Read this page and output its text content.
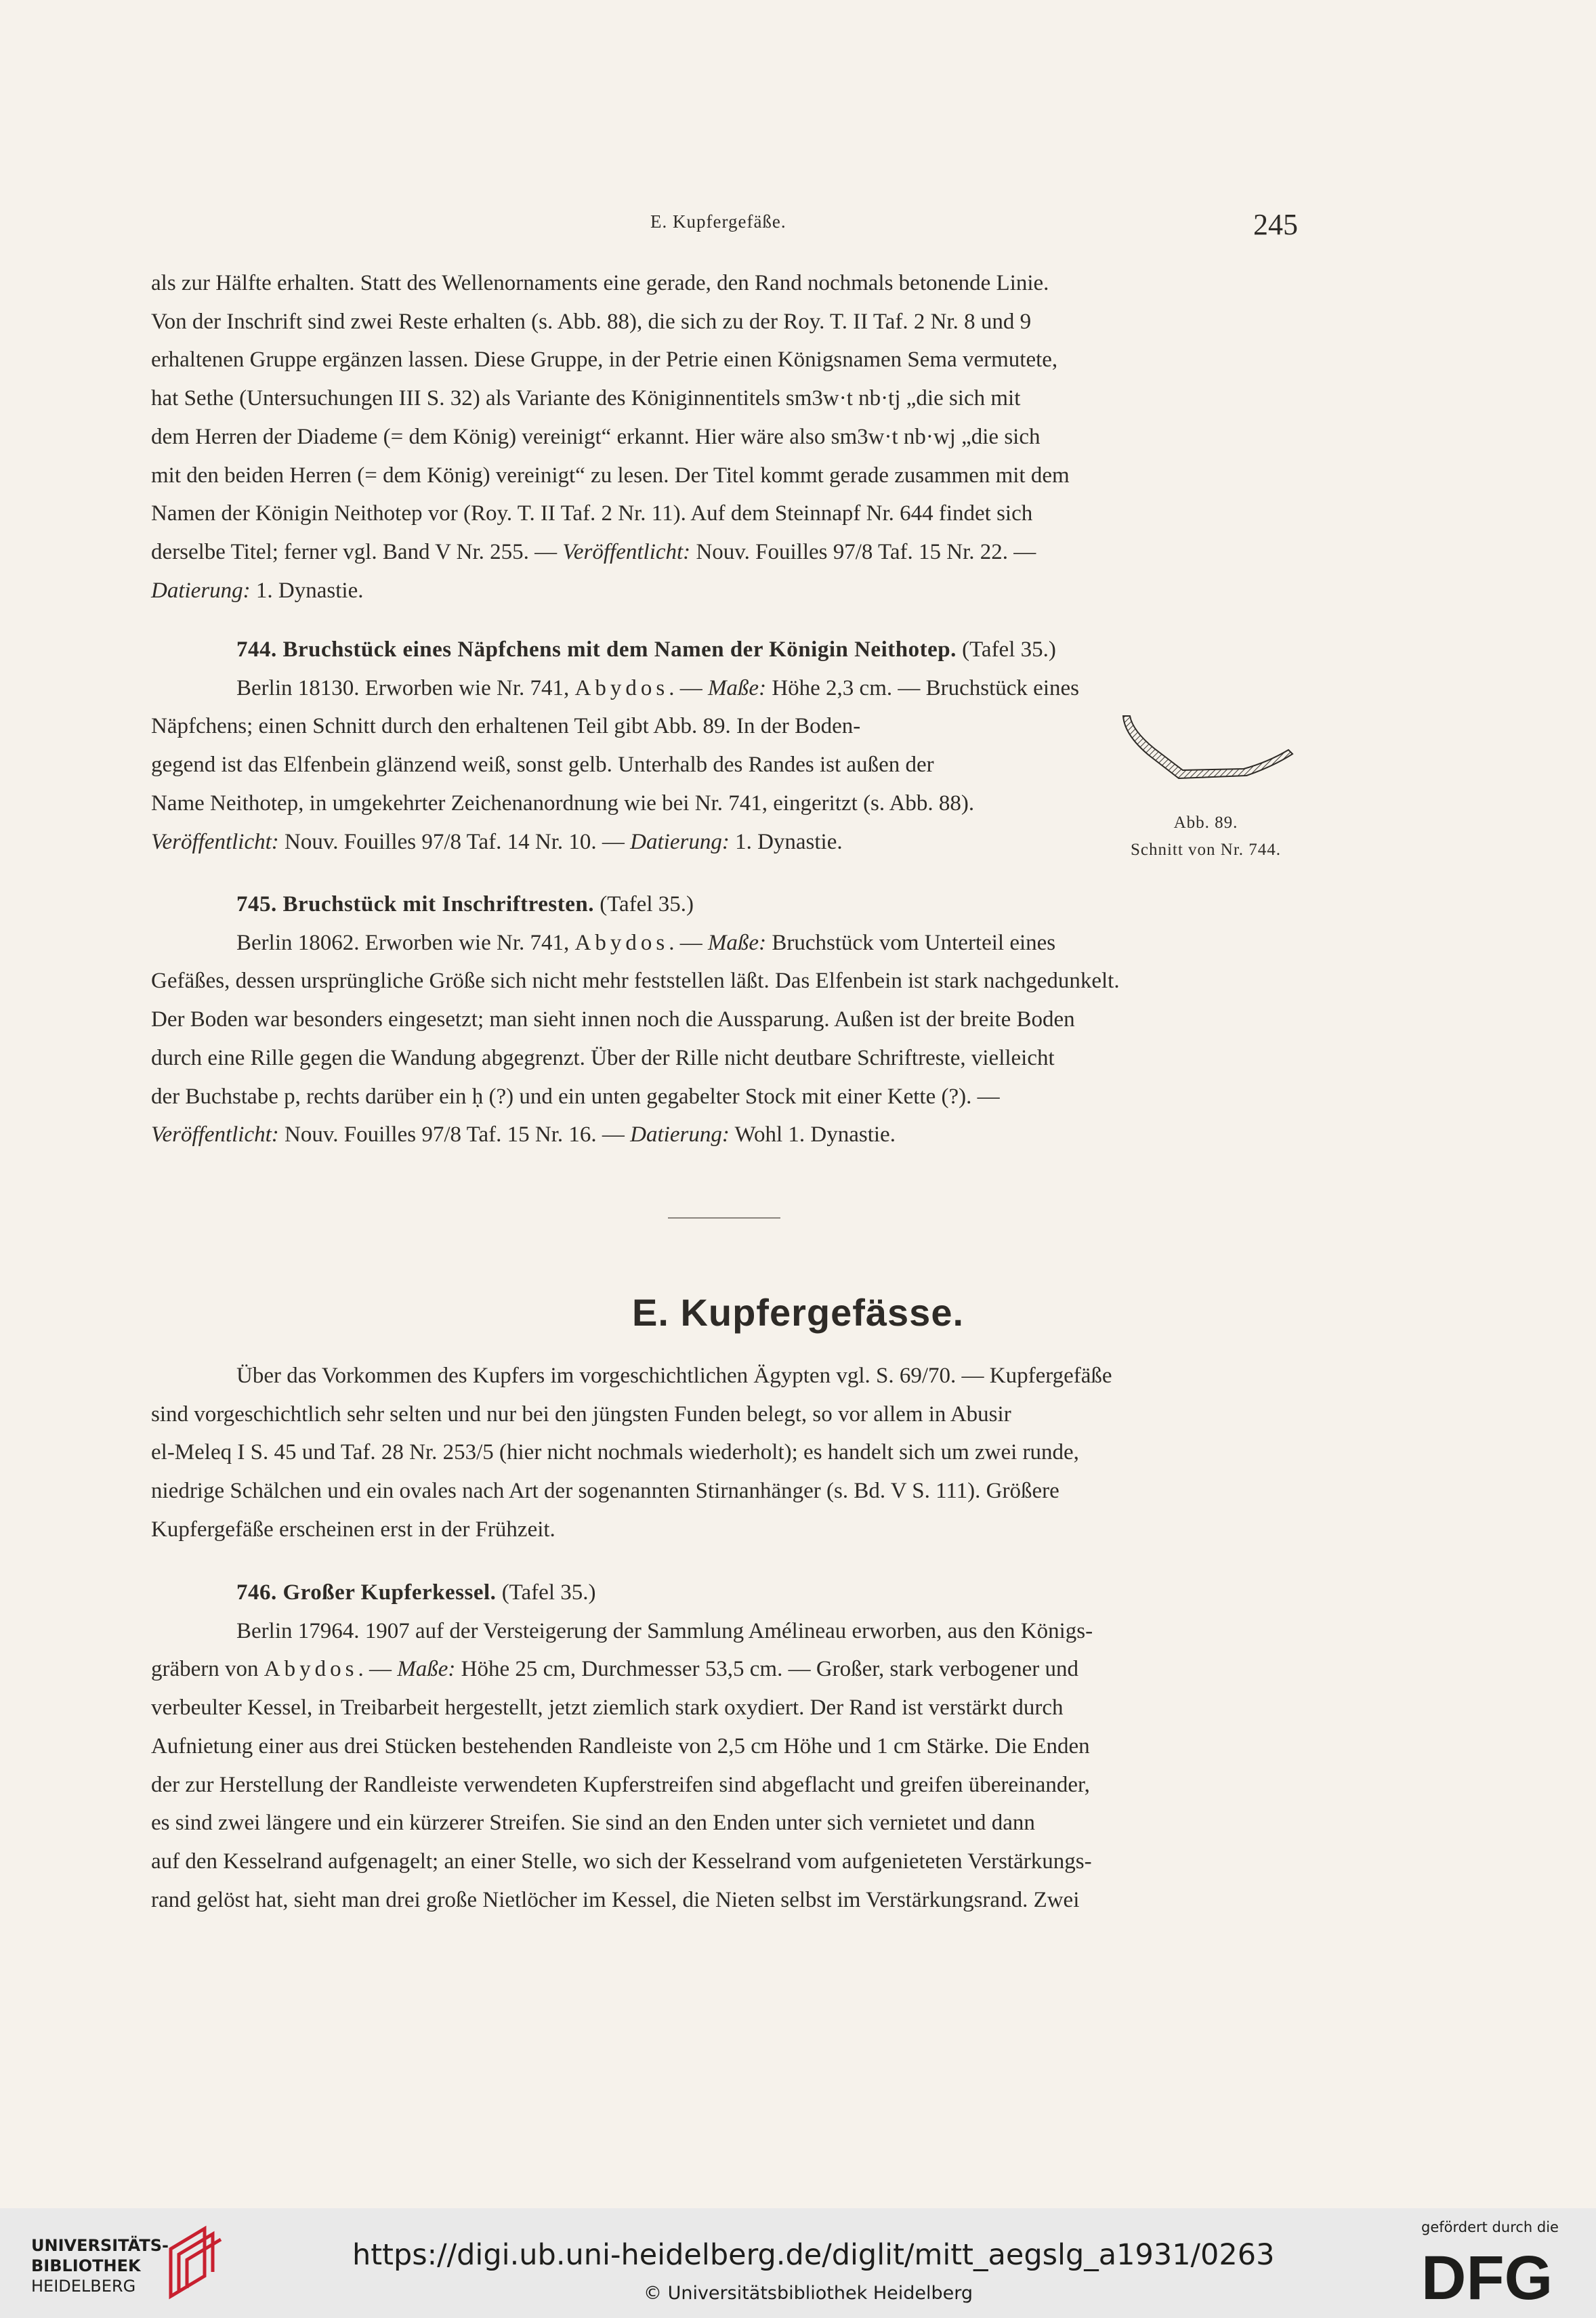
E. Kupfergefäße.	245

als zur Hälfte erhalten. Statt des Wellenornaments eine gerade, den Rand nochmals betonende Linie.

Von der Inschrift sind zwei Reste erhalten (s. Abb. 88), die sich zu der Roy. T. II Taf. 2 Nr. 8 und 9

erhaltenen Gruppe ergänzen lassen. Diese Gruppe, in der Petrie einen Königsnamen Sema vermutete,

hat Sethe (Untersuchungen III S. 32) als Variante des Königinnentitels sm3w·t nb·tj „die sich mit

dem Herren der Diademe (= dem König) vereinigt“ erkannt. Hier wäre also sm3w·t nb·wj „die sich

mit den beiden Herren (= dem König) vereinigt“ zu lesen. Der Titel kommt gerade zusammen mit dem

Namen der Königin Neithotep vor (Roy. T. II Taf. 2 Nr. 11). Auf dem Steinnapf Nr. 644 findet sich

derselbe Titel; ferner vgl. Band V Nr. 255. — Veröffentlicht: Nouv. Fouilles 97/8 Taf. 15 Nr. 22. —

Datierung: 1. Dynastie.

744. Bruchstück eines Näpfchens mit dem Namen der Königin Neithotep. (Tafel 35.)

Berlin 18130. Erworben wie Nr. 741, Abydos. — Maße: Höhe 2,3 cm. — Bruchstück eines

Näpfchens; einen Schnitt durch den erhaltenen Teil gibt Abb. 89. In der Boden-

gegend ist das Elfenbein glänzend weiß, sonst gelb. Unterhalb des Randes ist außen der

Name Neithotep, in umgekehrter Zeichenanordnung wie bei Nr. 741, eingeritzt (s. Abb. 88).

Veröffentlicht: Nouv. Fouilles 97/8 Taf. 14 Nr. 10. — Datierung: 1. Dynastie.

Abb. 89.
Schnitt von Nr. 744.

745. Bruchstück mit Inschriftresten. (Tafel 35.)

Berlin 18062. Erworben wie Nr. 741, Abydos. — Maße: Bruchstück vom Unterteil eines

Gefäßes, dessen ursprüngliche Größe sich nicht mehr feststellen läßt. Das Elfenbein ist stark nachgedunkelt.

Der Boden war besonders eingesetzt; man sieht innen noch die Aussparung. Außen ist der breite Boden

durch eine Rille gegen die Wandung abgegrenzt. Über der Rille nicht deutbare Schriftreste, vielleicht

der Buchstabe p, rechts darüber ein ḥ (?) und ein unten gegabelter Stock mit einer Kette (?). —

Veröffentlicht: Nouv. Fouilles 97/8 Taf. 15 Nr. 16. — Datierung: Wohl 1. Dynastie.

E. Kupfergefässe.

Über das Vorkommen des Kupfers im vorgeschichtlichen Ägypten vgl. S. 69/70. — Kupfergefäße

sind vorgeschichtlich sehr selten und nur bei den jüngsten Funden belegt, so vor allem in Abusir

el-Meleq I S. 45 und Taf. 28 Nr. 253/5 (hier nicht nochmals wiederholt); es handelt sich um zwei runde,

niedrige Schälchen und ein ovales nach Art der sogenannten Stirnanhänger (s. Bd. V S. 111). Größere

Kupfergefäße erscheinen erst in der Frühzeit.

746. Großer Kupferkessel. (Tafel 35.)

Berlin 17964. 1907 auf der Versteigerung der Sammlung Amélineau erworben, aus den Königs-

gräbern von Abydos. — Maße: Höhe 25 cm, Durchmesser 53,5 cm. — Großer, stark verbogener und

verbeulter Kessel, in Treibarbeit hergestellt, jetzt ziemlich stark oxydiert. Der Rand ist verstärkt durch

Aufnietung einer aus drei Stücken bestehenden Randleiste von 2,5 cm Höhe und 1 cm Stärke. Die Enden

der zur Herstellung der Randleiste verwendeten Kupferstreifen sind abgeflacht und greifen übereinander,

es sind zwei längere und ein kürzerer Streifen. Sie sind an den Enden unter sich vernietet und dann

auf den Kesselrand aufgenagelt; an einer Stelle, wo sich der Kesselrand vom aufgenieteten Verstärkungs-

rand gelöst hat, sieht man drei große Nietlöcher im Kessel, die Nieten selbst im Verstärkungsrand. Zwei

UNIVERSITÄTS-
BIBLIOTHEK
HEIDELBERG
https://digi.ub.uni-heidelberg.de/diglit/mitt_aegslg_a1931/0263
© Universitätsbibliothek Heidelberg
gefördert durch die
DFG
